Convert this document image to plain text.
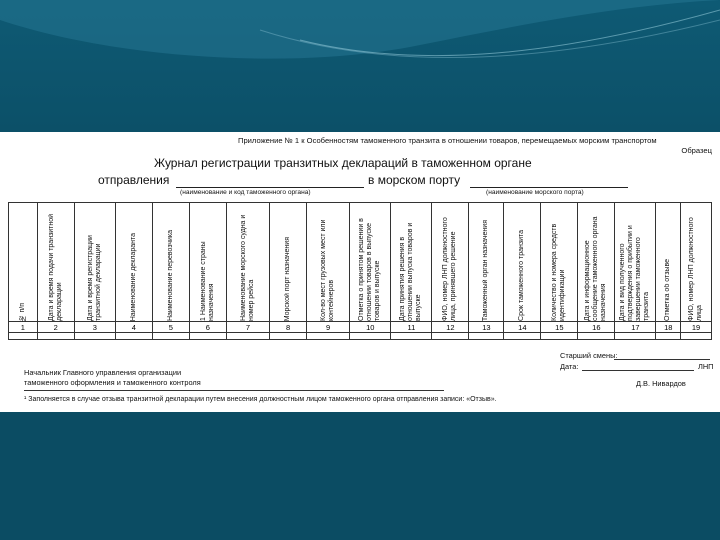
Приложение № 1 к Особенностям таможенного транзита в отношении товаров, перемещаемых морским транспортом
Образец
Журнал регистрации транзитных деклараций в таможенном органе
отправления	в морском порту
(наименование и код таможенного органа)	(наименование морского порта)
№ п/п	Дата и время подачи транзитной декларации	Дата и время регистрации транзитной декларации	Наименование декларанта	Наименование перевозчика	1 Наименование страны назначения	Наименование морского судна и номер рейса	Морской порт назначения	Кол-во мест грузовых мест или контейнеров	Отметка о принятом решении в отношении товаров в выпуске товаров и выпуске	Дата принятия решения в отношении выпуска товаров и выпуске	ФИО, номер ЛНП должностного лица, принявшего решение	Таможенный орган назначения	Срок таможенного транзита	Количество и номера средств идентификации	Дата и информационное сообщение таможенного органа назначения	Дата и вид полученного подтверждения о прибытии и завершении таможенного транзита	Отметка об отзыве	ФИО, номер ЛНП должностного лица

1	2	3	4	5	6	7	8	9	10	11	12	13	14	15	16	17	18	19

Старший смены:
Дата:	ЛНП
Начальник Главного управления организации
таможенного оформления и таможенного контроля	Д.В. Нивардов
¹ Заполняется в случае отзыва транзитной декларации путем внесения должностным лицом таможенного органа отправления записи: «Отзыв».
